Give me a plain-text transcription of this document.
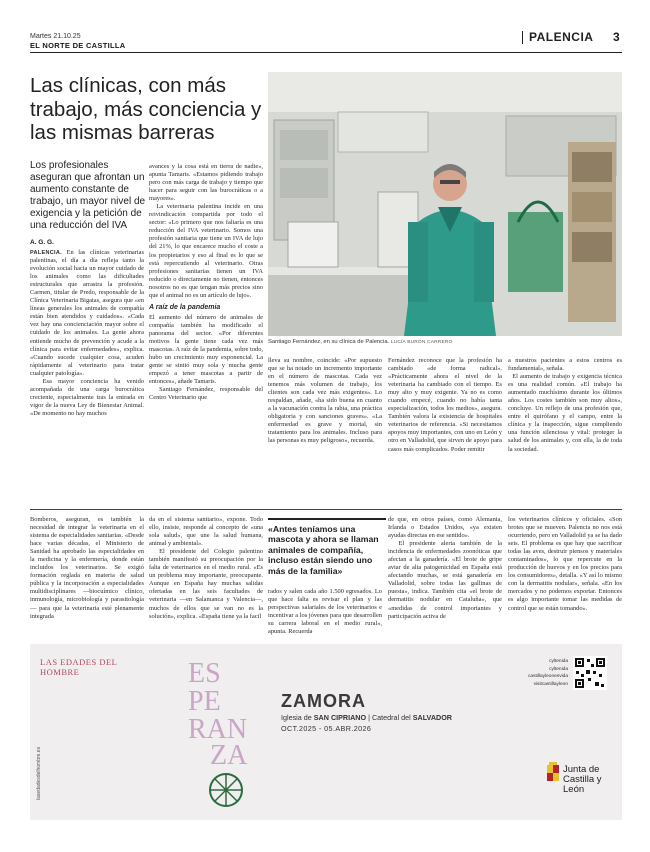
Martes 21.10.25
EL NORTE DE CASTILLA
PALENCIA 3
Las clínicas, con más trabajo, más conciencia y las mismas barreras
Santiago Fernández, en su clínica de Palencia. LUCÍA BURÓN CARRERO
Los profesionales aseguran que afrontan un aumento constante de trabajo, un mayor nivel de exigencia y la petición de una reducción del IVA
A. G. G.
PALENCIA. En las clínicas veterinarias palentinas, el día a día refleja tanto la evolución social hacia un mayor cuidado de los animales como las dificultades estructurales que arrastra la profesión. Carmen, titular de Predo, responsable de la Clínica Veterinaria Bigatas, asegura que «en líneas generales los animales de compañía están bien atendidos y cuidados». «Cada vez hay una concienciación mayor sobre el cuidado de los animales. La gente ahora entiende mucho de prevención y acude a la clínica para evitar enfermedades», explica. «Cuando sucede cualquier cosa, acuden rápidamente al veterinario para tratar cualquier patología».
Esa mayor conciencia ha venido acompañada de una carga burocrática creciente, especialmente tras la entrada en vigor de la nueva Ley de Bienestar Animal. «De momento no hay muchos
avances y la cosa está en tierra de nadie», apunta Tamaris. «Estamos pidiendo trabajo pero con más carga de trabajo y tiempo que hacer para seguir con las burocráticas o a mayores».
La veterinaria palentina incide en una reivindicación compartida por todo el sector: «Lo primero que nos faltaría es una reducción del IVA veterinario. Somos una profesión sanitaria que tiene un IVA de lujo del 21%, lo que encarece mucho el coste a los propietarios y eso al final es lo que se está repercutiendo al veterinario. Otras profesiones sanitarias tienen un IVA reducido o directamente no tienen, entonces nosotros no es que tengan más precios sino que el animal no es un artículo de lujo».
A raíz de la pandemia
El aumento del número de animales de compañía también ha modificado el panorama del sector. «Por diferentes motivos la gente tiene cada vez más mascotas. A raíz de la pandemia, sobre todo, hubo un crecimiento muy exponencial. La gente se sintió muy sola y mucha gente empezó a tener mascotas a partir de entonces», añade Tamaris.
Santiago Fernández, responsable del Centro Veterinario que
lleva su nombre, coincide: «Por supuesto que se ha notado un incremento importante en el número de mascotas. Cada vez tenemos más volumen de trabajo, los clientes son cada vez más exigentes». Lo respaldan, añade, «ha sido buena en cuanto a la vacunación contra la rabia, una práctica obligatoria y con sanciones graves». «La enfermedad es grave y mortal, sin tratamiento para los animales. Incluso para las personas es muy peligroso», recuerda.
Fernández reconoce que la profesión ha cambiado «de forma radical». «Prácticamente ahora el nivel de la veterinaria ha cambiado con el tiempo. Es muy alto y muy exigente. Ya no es como cuando empecé, cuando no había tanta especialización, todos los medios», asegura. También valora la existencia de hospitales veterinarios de referencia. «Si necesitamos apoyos muy importantes, con uno en León y otro en Valladolid, que sirven de apoyo para casos más complicados. Poder remitir
a nuestros pacientes a estos centros es fundamental», señala.
El aumento de trabajo y exigencia técnica es una realidad común. «El trabajo ha aumentado muchísimo durante los últimos años. Los costes también son muy altos», concluye. Un reflejo de una profesión que, entre el quirófano y el campo, entre la clínica y la inspección, sigue cumpliendo una función silenciosa y vital: proteger la salud de los animales y, con ella, la de toda la sociedad.
Bomberos, aseguran, es también la necesidad de integrar la veterinaria en el sistema de especialidades sanitarias. «Desde hace varias décadas, el Ministerio de Sanidad ha aprobado las especialidades en la medicina y la enfermería, donde están incluidos los veterinarios. Se exigió formación reglada en materia de salud pública y la incorporación a especialidades multidisciplinares —biocuímico clínico, inmunología, microbiología y parasitología— para que la veterinaria esté plenamente integrada
da en el sistema sanitario», expone. Todo ello, insiste, responde al concepto de «una sola salud», que une la salud humana, animal y ambiental».
El presidente del Colegio palentino también manifestó su preocupación por la falta de veterinarios en el medio rural. «Es un problema muy importante, preocupante. Aunque en España hay muchas salidas ofertadas en las seis facultades de veterinaria —en Salamanca y Valencia—, muchos de ellos que se van no es la solución», explica. «España tiene ya la facil
«Antes teníamos una mascota y ahora se llaman animales de compañía, incluso están siendo uno más de la familia»
rados y salen cada año 1.500 egresados. Lo que hace falta es revisar el plan y las perspectivas salariales de los veterinarios e incentivar a los jóvenes para que desarrollen su carrera laboral en el medio rural», apunta. Recuerda
de que, en otros países, como Alemania, Irlanda o Estados Unidos, «ya existen ayudas directas en ese sentido».
El presidente alerta también de la incidencia de enfermedades zoonóticas que afectan a la ganadería. «El brote de gripe aviar de alta patogenicidad en España está afectando muchas, se está ganadería en Valladolid, sobre todas las gallinas de puesta», indica. También cita «el brote de dermatitis nodular en Cataluña», que «medidas de control importantes y participación activa de
los veterinarios clínicos y oficiales. «Son brotes que se mueven. Palencia no nos está ocurriendo, pero en Valladolid ya se ha dado seis. El problema es que hay que sacrificar todas las aves, destruir piensos y materiales contaminados», lo que repercute en la producción de huevos y en los precios para los consumidores», detalla. «Y así lo mismo con la dermatitis nodular», señala. «En los mercados y no podemos exportar. Entonces es algo importante tomar las medidas de control que se están tomando».
LAS EDADES DEL HOMBRE
lasedadesdelhombre.es
ES
PE
RAN
ZA
ZAMORA
Iglesia de SAN CIPRIANO | Catedral del SALVADOR
OCT.2025 - 05.ABR.2026
cyltenida
cyltenida
castillayleonesvida
visitcastillayleon
Junta de Castilla y León
